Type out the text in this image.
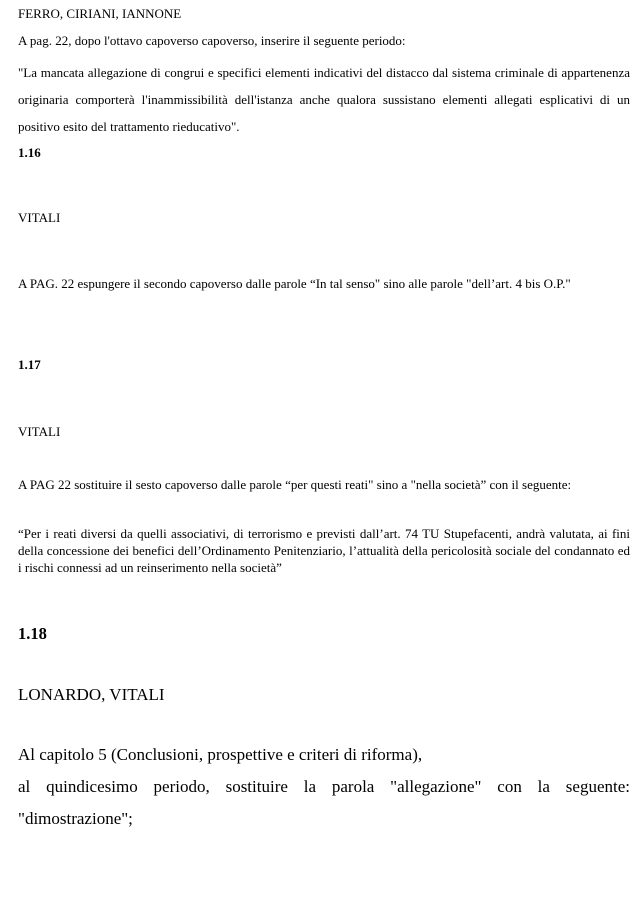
FERRO, CIRIANI, IANNONE
A pag. 22, dopo l'ottavo capoverso capoverso, inserire il seguente periodo:
"La mancata allegazione di congrui e specifici elementi indicativi del distacco dal sistema criminale di appartenenza originaria comporterà l'inammissibilità dell'istanza anche qualora sussistano elementi allegati esplicativi di un positivo esito del trattamento rieducativo".
1.16
VITALI
A PAG. 22 espungere il secondo capoverso dalle parole “In tal senso" sino alle parole "dell’art. 4 bis O.P."
1.17
VITALI
A PAG 22 sostituire il sesto capoverso dalle parole “per questi reati" sino a "nella società” con il seguente:
“Per i reati diversi da quelli associativi, di terrorismo e previsti dall’art. 74 TU Stupefacenti, andrà valutata, ai fini della concessione dei benefici dell’Ordinamento Penitenziario, l’attualità della pericolosità sociale del condannato ed i rischi connessi ad un reinserimento nella società”
1.18
LONARDO, VITALI
Al capitolo 5 (Conclusioni, prospettive e criteri di riforma),
al quindicesimo periodo, sostituire la parola "allegazione" con la seguente:
"dimostrazione";
